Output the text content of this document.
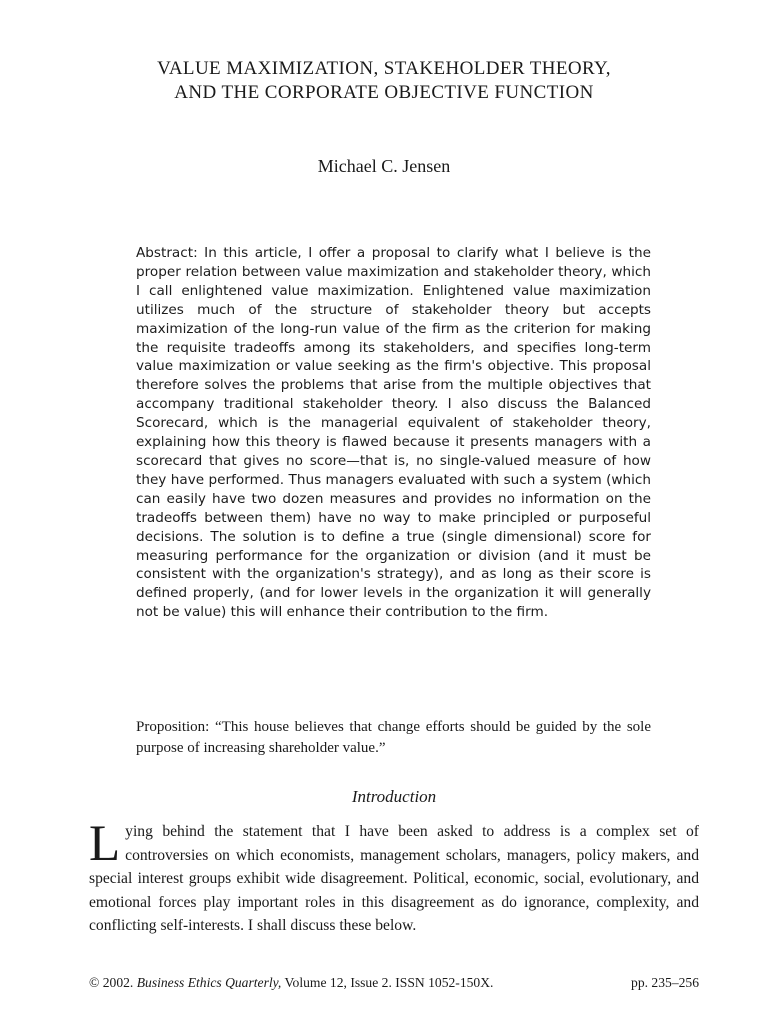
VALUE MAXIMIZATION, STAKEHOLDER THEORY,
AND THE CORPORATE OBJECTIVE FUNCTION

Michael C. Jensen

Abstract: In this article, I offer a proposal to clarify what I believe is the proper relation between value maximization and stakeholder theory, which I call enlightened value maximization. Enlightened value maximization utilizes much of the structure of stakeholder theory but accepts maximization of the long-run value of the firm as the criterion for making the requisite tradeoffs among its stakeholders, and specifies long-term value maximization or value seeking as the firm's objective. This proposal therefore solves the problems that arise from the multiple objectives that accompany traditional stakeholder theory. I also discuss the Balanced Scorecard, which is the managerial equivalent of stakeholder theory, explaining how this theory is flawed because it presents managers with a scorecard that gives no score—that is, no single-valued measure of how they have performed. Thus managers evaluated with such a system (which can easily have two dozen measures and provides no information on the tradeoffs between them) have no way to make principled or purposeful decisions. The solution is to define a true (single dimensional) score for measuring performance for the organization or division (and it must be consistent with the organization's strategy), and as long as their score is defined properly, (and for lower levels in the organization it will generally not be value) this will enhance their contribution to the firm.

Proposition: “This house believes that change efforts should be guided by the sole purpose of increasing shareholder value.”

Introduction

Lying behind the statement that I have been asked to address is a complex set of controversies on which economists, management scholars, managers, policy makers, and special interest groups exhibit wide disagreement. Political, economic, social, evolutionary, and emotional forces play important roles in this disagreement as do ignorance, complexity, and conflicting self-interests. I shall discuss these below.

© 2002. Business Ethics Quarterly, Volume 12, Issue 2. ISSN 1052-150X.	pp. 235–256
